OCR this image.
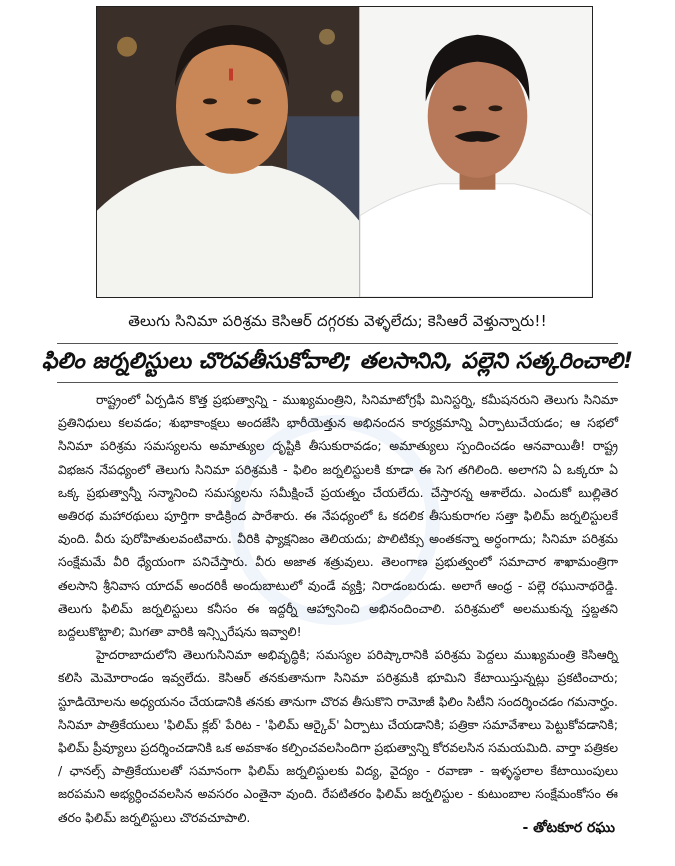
తెలుగు సినిమా పరిశ్రమ కెసిఆర్ దగ్గరకు వెళ్ళలేదు; కెసిఆరే వెళ్తున్నారు!!
ఫిలిం జర్నలిస్టులు చొరవతీసుకోవాలి; తలసానిని, పల్లెని సత్కరించాలి!

రాష్ట్రంలో ఏర్పడిన కొత్త ప్రభుత్వాన్ని - ముఖ్యమంత్రిని, సినిమాటోగ్రఫీ మినిస్టర్ని, కమీషనరుని తెలుగు సినిమా ప్రతినిధులు కలవడం; శుభాకాంక్షలు అందజేసి భారీయెత్తున అభినందన కార్యక్రమాన్ని ఏర్పాటుచేయడం; ఆ సభలో సినిమా పరిశ్రమ సమస్యలను అమాత్యుల దృష్టికి తీసుకురావడం; అమాత్యులు స్పందించడం ఆనవాయితీ! రాష్ట్ర విభజన నేపధ్యంలో తెలుగు సినిమా పరిశ్రమకి - ఫిలిం జర్నలిస్టులకి కూడా ఈ సెగ తగిలింది. అలాగని ఏ ఒక్కరూ ఏ ఒక్క ప్రభుత్వాన్నీ సన్మానించి సమస్యలను సమీక్షించే ప్రయత్నం చేయలేదు. చేస్తారన్న ఆశాలేదు. ఎందుకో బుల్లితెర అతిరథ మహారథులు పూర్తిగా కాడిక్రింద పారేశారు. ఈ నేపధ్యంలో ఓ కదలిక తీసుకురాగల సత్తా ఫిలిమ్ జర్నలిస్టులకే వుంది. వీరు పురోహితులవంటివారు. వీరికి ఫ్యాక్షనిజం తెలియదు; పొలిటిక్సు అంతకన్నా అర్ధంగాదు; సినిమా పరిశ్రమ సంక్షేమమే వీరి ధ్యేయంగా పనిచేస్తారు. వీరు అజాత శత్రువులు. తెలంగాణ ప్రభుత్వంలో సమాచార శాఖామంత్రిగా తలసాని శ్రీనివాస యాదవ్ అందరికీ అందుబాటులో వుండే వ్యక్తి; నిరాడంబరుడు. అలాగే ఆంధ్ర - పల్లె రఘునాథరెడ్డి. తెలుగు ఫిలిమ్ జర్నలిస్టులు కనీసం ఈ ఇద్దర్నీ ఆహ్వానించి అభినందించాలి. పరిశ్రమలో అలముకున్న స్తబ్దతని బద్దలుకొట్టాలి; మిగతా వారికి ఇన్స్పిరేషను ఇవ్వాలి!

హైదరాబాదులోని తెలుగుసినిమా అభివృద్ధికి; సమస్యల పరిష్కారానికి పరిశ్రమ పెద్దలు ముఖ్యమంత్రి కెసిఆర్ని కలిసి మెమోరాండం ఇవ్వలేదు. కెసిఆర్ తనకుతానుగా సినిమా పరిశ్రమకి భూమిని కేటాయిస్తున్నట్లు ప్రకటించారు; స్టూడియోలను అధ్యయనం చేయడానికి తనకు తానుగా చొరవ తీసుకొని రామోజీ ఫిలిం సిటీని సందర్శించడం గమనార్హం. సినిమా పాత్రికేయులు 'ఫిలిమ్ క్లబ్' పేరిట - 'ఫిలిమ్ ఆర్కైవ్' ఏర్పాటు చేయడానికి; పత్రికా సమావేశాలు పెట్టుకోవడానికి; ఫిలిమ్ ప్రీవ్యూలు ప్రదర్శించడానికి ఒక అవకాశం కల్పించవలసిందిగా ప్రభుత్వాన్ని కోరవలసిన సమయమిది. వార్తా పత్రికల / ఛానల్స్ పాత్రికేయులతో సమానంగా ఫిలిమ్ జర్నలిస్టులకు విద్య, వైద్యం - రవాణా - ఇళ్ళస్థలాల కేటాయింపులు జరపమని అభ్యర్ధించవలసిన అవసరం ఎంతైనా వుంది. రేపటితరం ఫిలిమ్ జర్నలిస్టుల - కుటుంబాల సంక్షేమంకోసం ఈ తరం ఫిలిమ్ జర్నలిస్టులు చొరవచూపాలి.

- తోటకూర రఘు
